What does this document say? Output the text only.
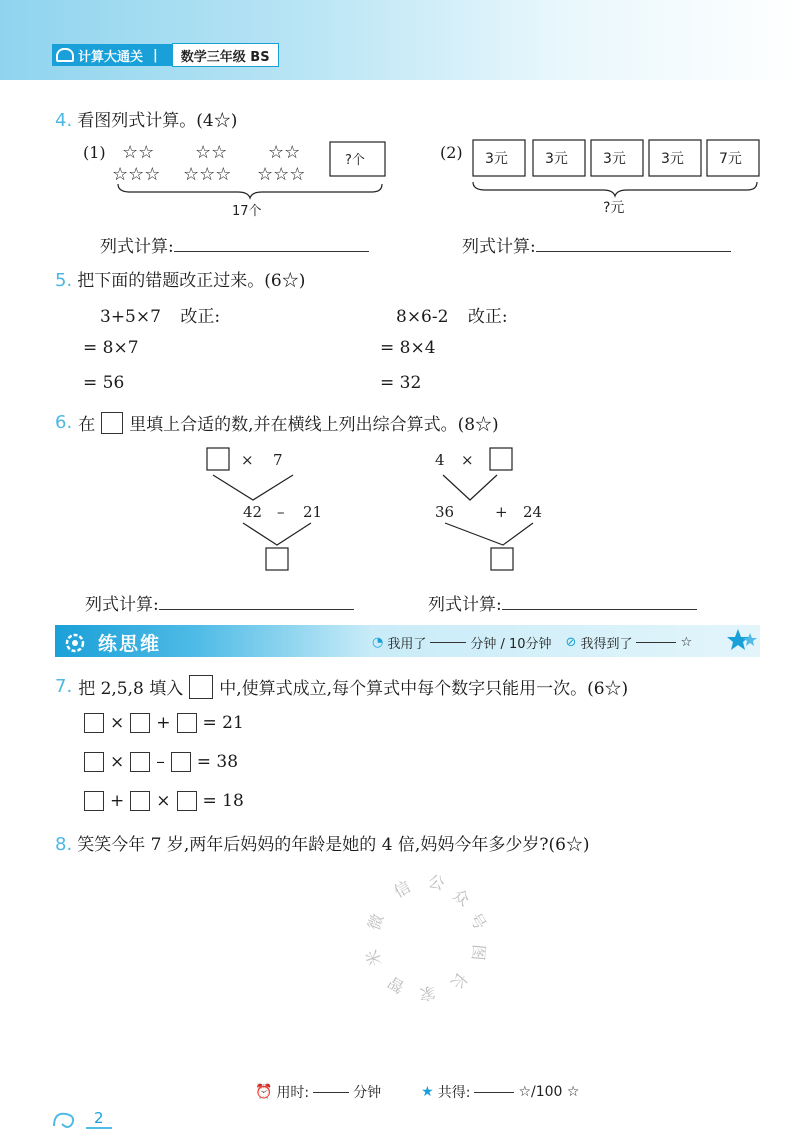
计算大通关 |	数学三年级 BS
4. 看图列式计算。(4☆)
(1) ☆☆ ☆☆ ☆☆
☆☆☆ ☆☆☆ ☆☆☆
?个
17个
列式计算:
(2) 3元	3元	3元	3元	7元
?元
列式计算:
5. 把下面的错题改正过来。(6☆)
3+5×7 改正:
= 8×7
= 56
8×6-2 改正:
= 8×4
= 32
6. 在 里填上合适的数,并在横线上列出综合算式。(8☆)
× 7
42 – 21
4 ×
36	+ 24
列式计算:	列式计算:
练思维	◔ 我用了	分钟 / 10分钟 ⊘ 我得到了	☆
7. 把 2,5,8 填入 中,使算式成立,每个算式中每个数字只能用一次。(6☆)
× + = 21
× – = 38
+ × = 18
8. 笑笑今年 7 岁,两年后妈妈的年龄是她的 4 倍,妈妈今年多少岁?(6☆)
公
众
号
图
长
家
智
米
微
信
⏰ 用时:	分钟	★ 共得:	☆/100 ☆
2
